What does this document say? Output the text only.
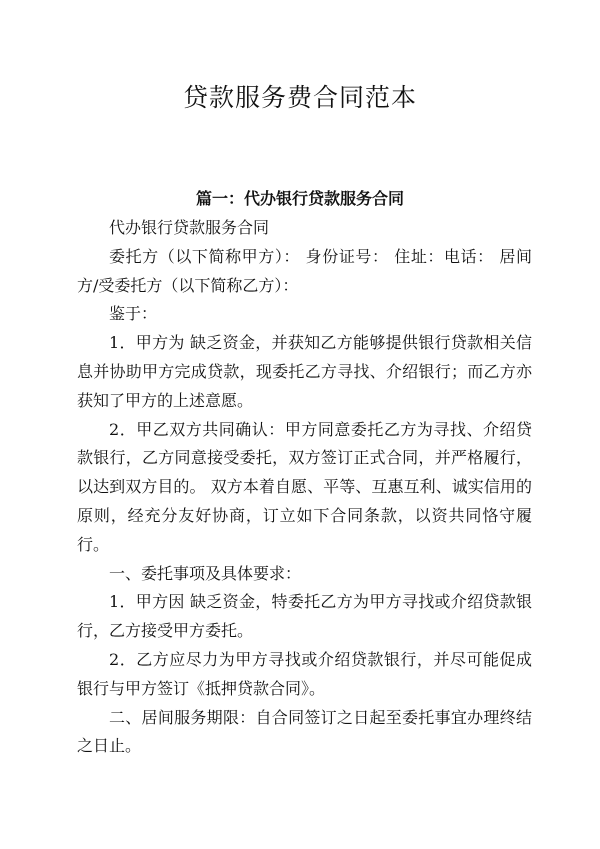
贷款服务费合同范本
篇一：代办银行贷款服务合同

代办银行贷款服务合同

委托方（以下简称甲方）： 身份证号： 住址：电话： 居间方/受委托方（以下简称乙方）：

鉴于：

1．甲方为 缺乏资金，并获知乙方能够提供银行贷款相关信息并协助甲方完成贷款，现委托乙方寻找、介绍银行；而乙方亦获知了甲方的上述意愿。

2．甲乙双方共同确认：甲方同意委托乙方为寻找、介绍贷款银行，乙方同意接受委托，双方签订正式合同，并严格履行，以达到双方目的。 双方本着自愿、平等、互惠互利、诚实信用的原则，经充分友好协商，订立如下合同条款，以资共同恪守履行。

一、委托事项及具体要求：

1．甲方因 缺乏资金，特委托乙方为甲方寻找或介绍贷款银行，乙方接受甲方委托。

2．乙方应尽力为甲方寻找或介绍贷款银行，并尽可能促成银行与甲方签订《抵押贷款合同》。

二、居间服务期限：自合同签订之日起至委托事宜办理终结之日止。
